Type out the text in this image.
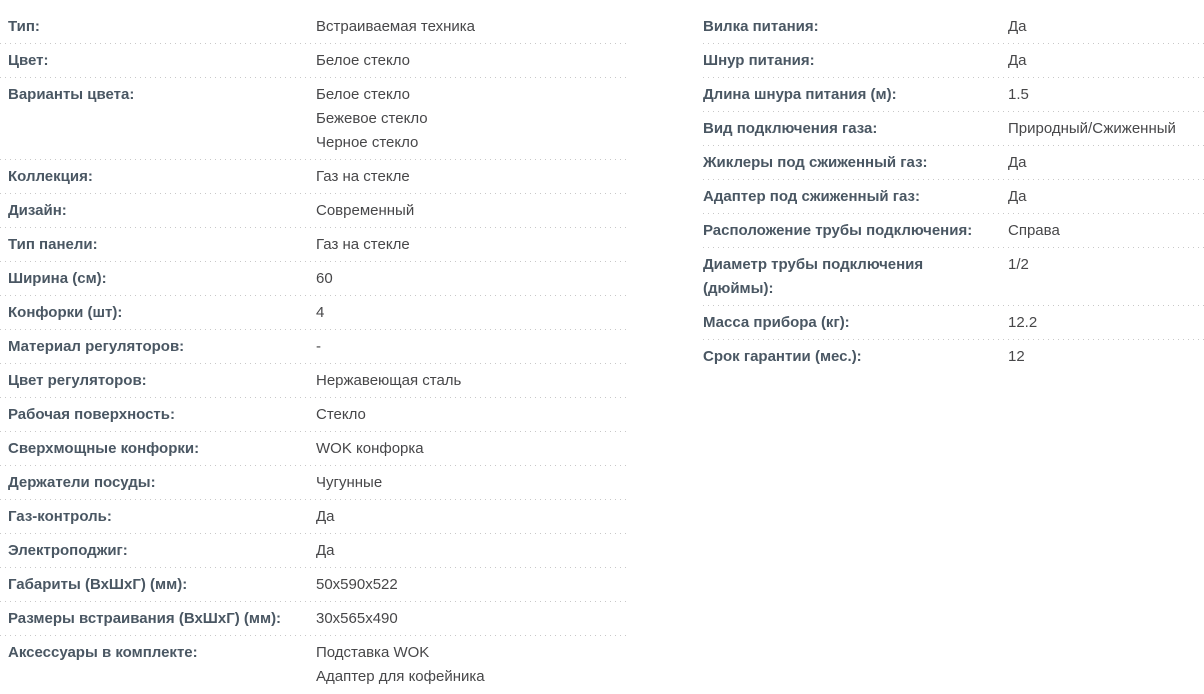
Тип:	Встраиваемая техника
Цвет:	Белое стекло
Варианты цвета:	Белое стекло
Бежевое стекло
Черное стекло
Коллекция:	Газ на стекле
Дизайн:	Современный
Тип панели:	Газ на стекле
Ширина (см):	60
Конфорки (шт):	4
Материал регуляторов:	-
Цвет регуляторов:	Нержавеющая сталь
Рабочая поверхность:	Стекло
Сверхмощные конфорки:	WOK конфорка
Держатели посуды:	Чугунные
Газ-контроль:	Да
Электроподжиг:	Да
Габариты (ВхШхГ) (мм):	50x590x522
Размеры встраивания (ВхШхГ) (мм):	30x565x490
Аксессуары в комплекте:	Подставка WOK
Адаптер для кофейника
Вилка питания:	Да
Шнур питания:	Да
Длина шнура питания (м):	1.5
Вид подключения газа:	Природный/Сжиженный
Жиклеры под сжиженный газ:	Да
Адаптер под сжиженный газ:	Да
Расположение трубы подключения:	Справа
Диаметр трубы подключения (дюймы):
1/2
Масса прибора (кг):	12.2
Срок гарантии (мес.):	12
